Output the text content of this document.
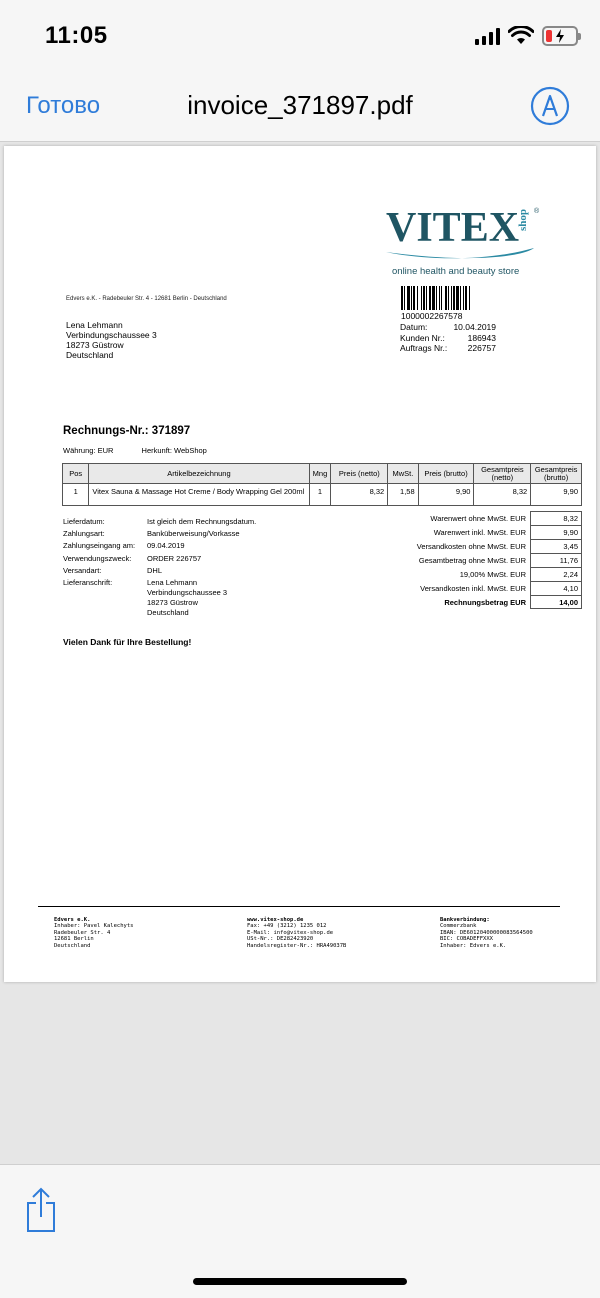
11:05
Готово	invoice_371897.pdf
VITEX
shop ®
online health and beauty store
Edvers e.K. - Radebeuler Str. 4 - 12681 Berlin - Deutschland
Lena Lehmann
Verbindungschaussee 3
18273 Güstrow
Deutschland
1000002267578
Datum:	10.04.2019
Kunden Nr.:	186943
Auftrags Nr.: 226757
Rechnungs-Nr.: 371897
Währung: EUR	Herkunft: WebShop
Pos	Artikelbezeichnung	Mng	Preis (netto)	MwSt.	Preis (brutto)	Gesamtpreis (netto)	Gesamtpreis (brutto)
1	Vitex Sauna & Massage Hot Creme / Body Wrapping Gel 200ml	1	8,32	1,58	9,90	8,32	9,90
Lieferdatum:	Ist gleich dem Rechnungsdatum.
Zahlungsart:	Banküberweisung/Vorkasse
Zahlungseingang am:	09.04.2019
Verwendungszweck:	ORDER 226757
Versandart:	DHL
Lieferanschrift:	Lena Lehmann
Verbindungschaussee 3
18273 Güstrow
Deutschland
Warenwert ohne MwSt. EUR	8,32
Warenwert inkl. MwSt. EUR	9,90
Versandkosten ohne MwSt. EUR	3,45
Gesamtbetrag ohne MwSt. EUR	11,76
19,00% MwSt. EUR	2,24
Versandkosten inkl. MwSt. EUR	4,10
Rechnungsbetrag EUR	14,00
Vielen Dank für Ihre Bestellung!
Edvers e.K.
Inhaber: Pavel Kalechyts
Radebeuler Str. 4
12681 Berlin
Deutschland
www.vitex-shop.de
Fax: +49 (3212) 1235 012
E-Mail: info@vitex-shop.de
USt-Nr.: DE282423920
Handelsregister-Nr.: HRA49037B
Bankverbindung:
Commerzbank
IBAN: DE60120400000083564500
BIC: COBADEFFXXX
Inhaber: Edvers e.K.
